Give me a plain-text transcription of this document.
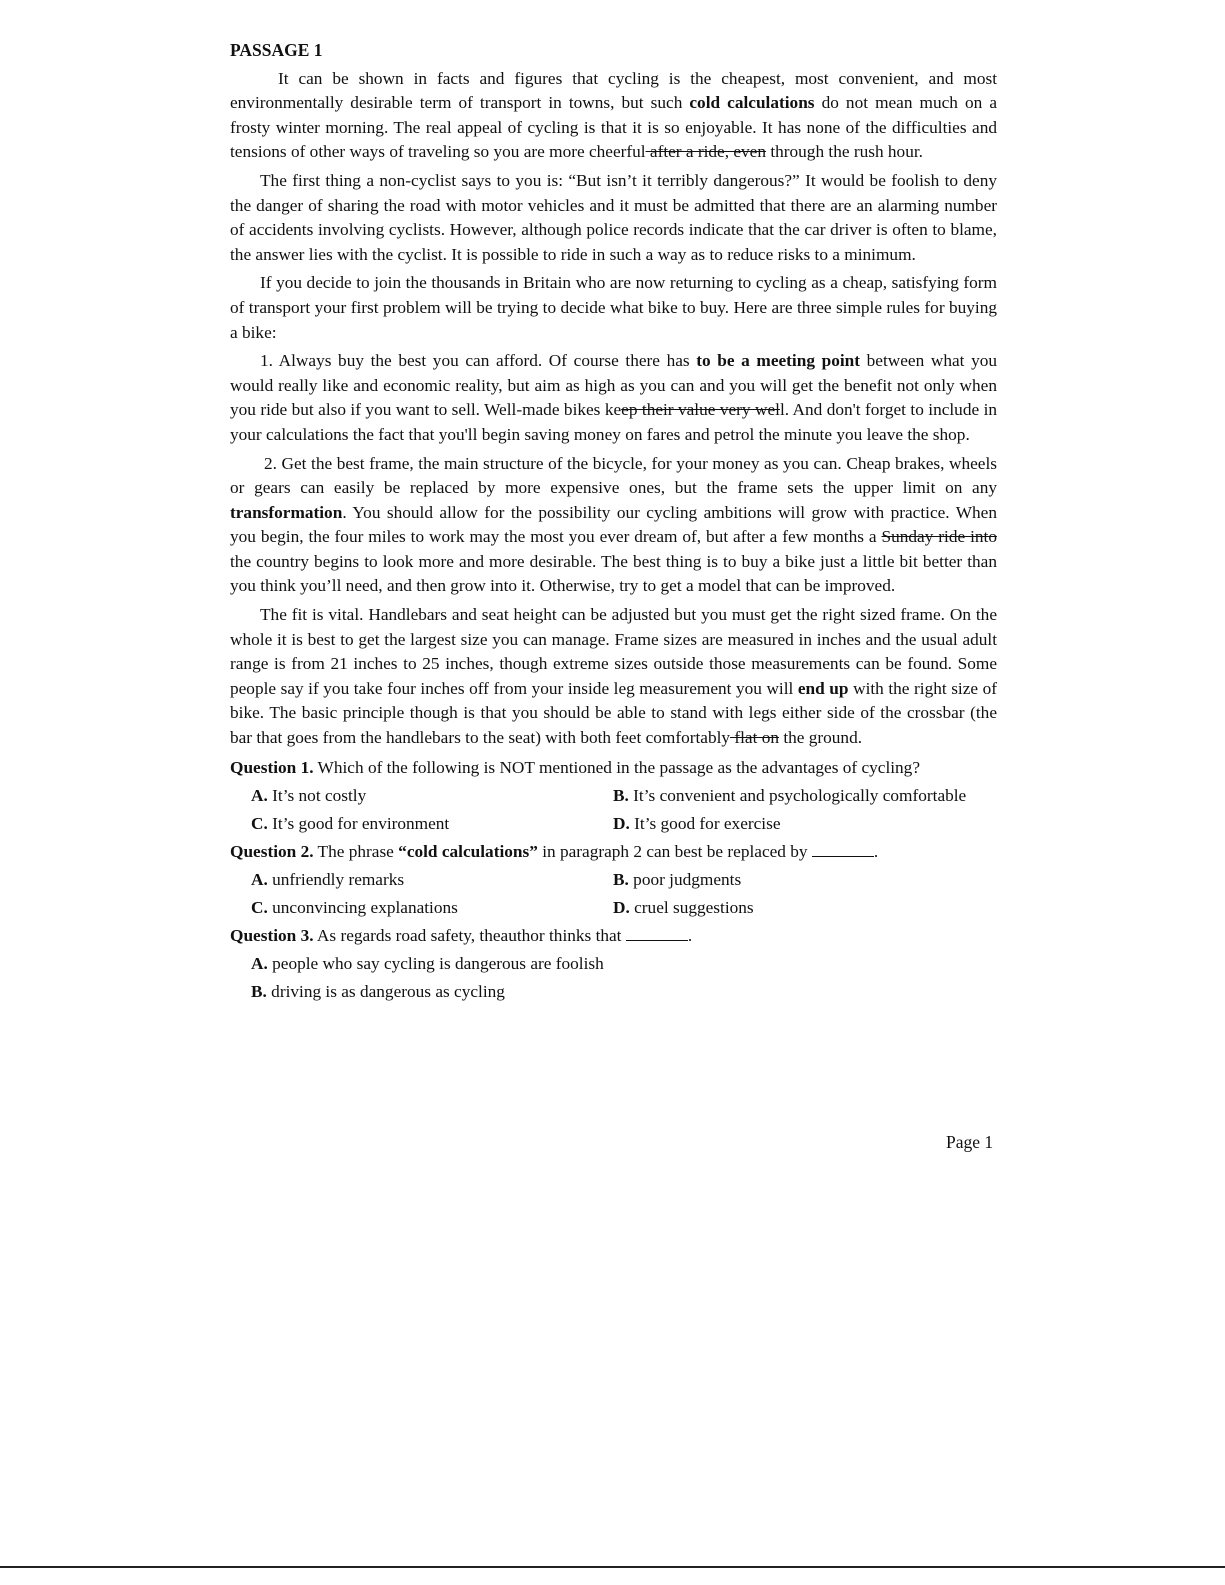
PASSAGE 1

It can be shown in facts and figures that cycling is the cheapest, most convenient, and most environmentally desirable term of transport in towns, but such cold calculations do not mean much on a frosty winter morning. The real appeal of cycling is that it is so enjoyable. It has none of the difficulties and tensions of other ways of traveling so you are more cheerful after a ride, even through the rush hour.

The first thing a non-cyclist says to you is: “But isn’t it terribly dangerous?” It would be foolish to deny the danger of sharing the road with motor vehicles and it must be admitted that there are an alarming number of accidents involving cyclists. However, although police records indicate that the car driver is often to blame, the answer lies with the cyclist. It is possible to ride in such a way as to reduce risks to a minimum.

If you decide to join the thousands in Britain who are now returning to cycling as a cheap, satisfying form of transport your first problem will be trying to decide what bike to buy. Here are three simple rules for buying a bike:

1. Always buy the best you can afford. Of course there has to be a meeting point between what you would really like and economic reality, but aim as high as you can and you will get the benefit not only when you ride but also if you want to sell. Well-made bikes keep their value very well. And don't forget to include in your calculations the fact that you'll begin saving money on fares and petrol the minute you leave the shop.

2. Get the best frame, the main structure of the bicycle, for your money as you can. Cheap brakes, wheels or gears can easily be replaced by more expensive ones, but the frame sets the upper limit on any transformation. You should allow for the possibility our cycling ambitions will grow with practice. When you begin, the four miles to work may the most you ever dream of, but after a few months a Sunday ride into the country begins to look more and more desirable. The best thing is to buy a bike just a little bit better than you think you’ll need, and then grow into it. Otherwise, try to get a model that can be improved.

The fit is vital. Handlebars and seat height can be adjusted but you must get the right sized frame. On the whole it is best to get the largest size you can manage. Frame sizes are measured in inches and the usual adult range is from 21 inches to 25 inches, though extreme sizes outside those measurements can be found. Some people say if you take four inches off from your inside leg measurement you will end up with the right size of bike. The basic principle though is that you should be able to stand with legs either side of the crossbar (the bar that goes from the handlebars to the seat) with both feet comfortably flat on the ground.

Question 1. Which of the following is NOT mentioned in the passage as the advantages of cycling?
A. It’s not costly	B. It’s convenient and psychologically comfortable
C. It’s good for environment	D. It’s good for exercise
Question 2. The phrase “cold calculations” in paragraph 2 can best be replaced by	.
A. unfriendly remarks	B. poor judgments
C. unconvincing explanations	D. cruel suggestions
Question 3. As regards road safety, theauthor thinks that	.
A. people who say cycling is dangerous are foolish
B. driving is as dangerous as cycling
Page 1
